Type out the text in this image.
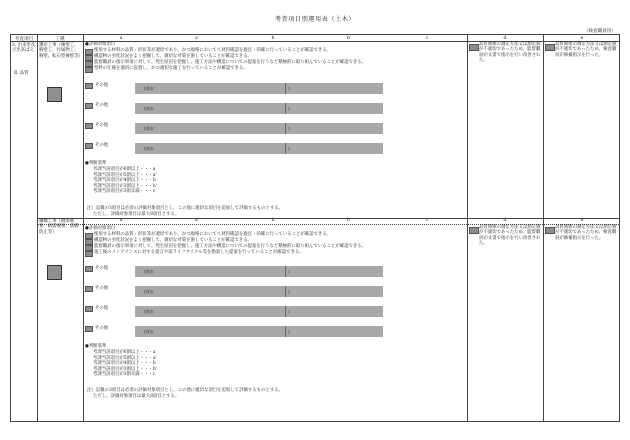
考査項目別運用表（土木）
（検査職員用）
考査項目	工種	a	a'	b	b'	c	d	e
3. 出来形及び出来ばえ
Ⅱ. 品質
護岸工事（擁壁工、胸壁工、付属物工、胸壁、転石型擁壁等）
●評価対象項目
使用する材料の品質・形状等が適切であり、かつ規格においてて材料確認を適宜・的確に行っていることが確認できる。
構造物の劣化状況をよく把握して、適切な対策を施していることが確認できる。
監督職員の指示事項に対して、発生原因を把握し、施工方法や構造についての提案を行うなど積極的に取り組んでいることが確認できる。
型枠の仕様を適切に設置し、かつ適切な施工を行っていることが確認できる。
その他
[理由：	]
その他
[理由：	]
その他
[理由：	]
その他
[理由：	]
●判断基準
考課当該項目が6割以上・・・a
考課当該項目が5割以上・・・a'
考課当該項目が4割以上・・・b
考課当該項目が3割以上・・・b'
考課当該項目が3割未満・・・c
注）記載の3項目は必須の評価対象項目とし、この他に適切な項目を追加して評価するものとする。
ただし、評価対象項目は最大8項目とする。
品質関係の測定方法又は測定値が不適切であったため、監督職員が文書で指示を行い改善された。
品質関係の測定方法又は測定値が不適切であったため、検査職員が修補指示を行った。
a	a'	b	b'	c	d	e
鋼橋工事（橋梁補強、耐震補強、落橋防止等）
●評価対象項目
使用する材料の品質・形状等が適切であり、かつ規格においてて材料確認を適宜・的確に行っていることが確認できる。
構造物の劣化状況をよく把握して、適切な対策を施していることが確認できる。
監督職員の指示事項に対して、発生原因を把握し、施工方法や構造についての提案を行うなど積極的に取り組んでいることが確認できる。
施工後のメンテナンスに対する提言や前ライフサイクル等を勘案した提案を行っていることが確認できる。
その他
[理由：	]
その他
[理由：	]
その他
[理由：	]
その他
[理由：	]
●判断基準
考課当該項目が6割以上・・・a
考課当該項目が5割以上・・・a'
考課当該項目が4割以上・・・b
考課当該項目が3割以上・・・b'
考課当該項目が3割未満・・・c
注）記載の3項目は必須の評価対象項目とし、この他に適切な項目を追加して評価するものとする。
ただし、評価対象項目は最大8項目とする。
品質関係の測定方法又は測定値が不適切であったため、監督職員が文書で指示を行い改善された。
品質関係の測定方法又は測定値が不適切であったため、検査職員が修補指示を行った。
